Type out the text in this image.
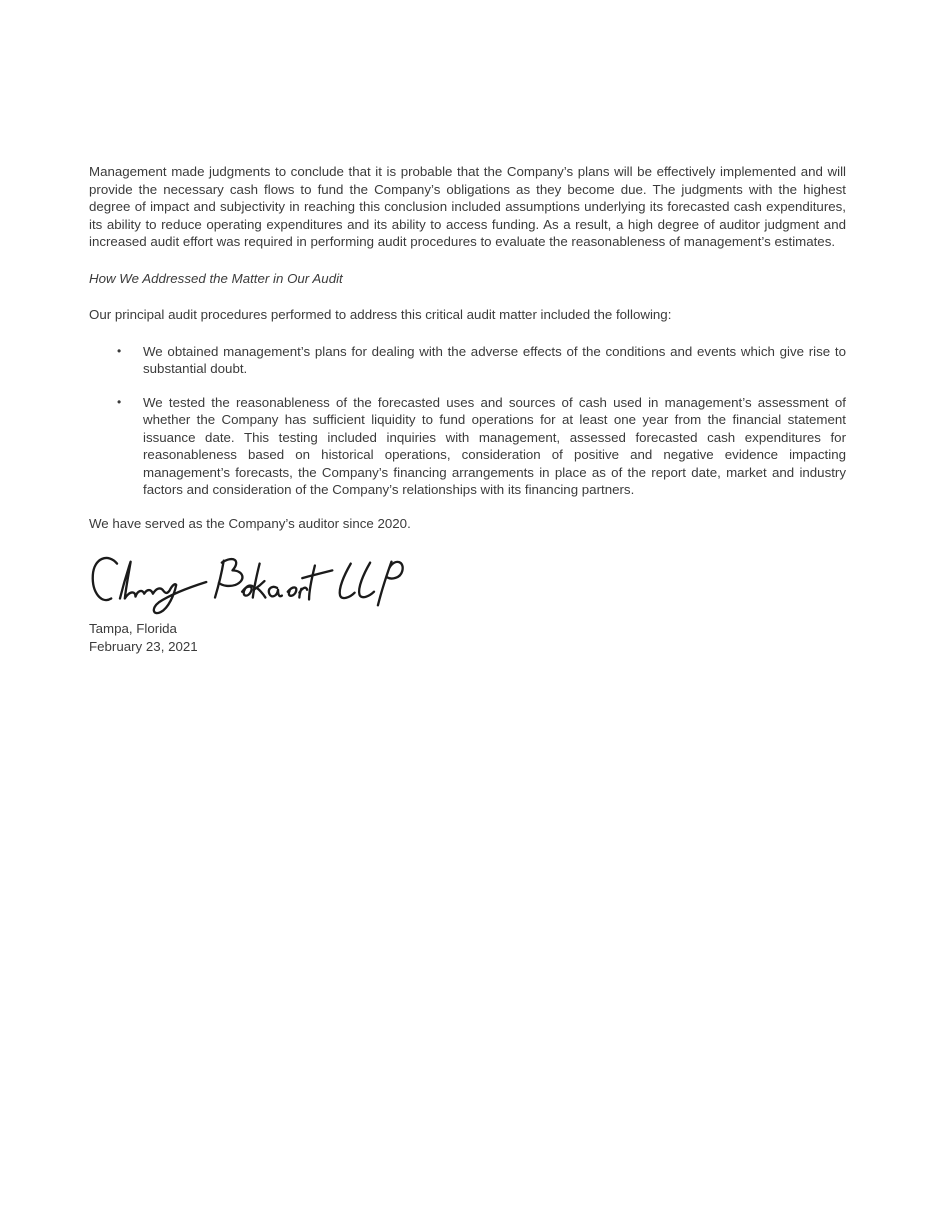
Management made judgments to conclude that it is probable that the Company’s plans will be effectively implemented and will provide the necessary cash flows to fund the Company’s obligations as they become due. The judgments with the highest degree of impact and subjectivity in reaching this conclusion included assumptions underlying its forecasted cash expenditures, its ability to reduce operating expenditures and its ability to access funding. As a result, a high degree of auditor judgment and increased audit effort was required in performing audit procedures to evaluate the reasonableness of management’s estimates.

How We Addressed the Matter in Our Audit

Our principal audit procedures performed to address this critical audit matter included the following:

•	We obtained management’s plans for dealing with the adverse effects of the conditions and events which give rise to substantial doubt.
•	We tested the reasonableness of the forecasted uses and sources of cash used in management’s assessment of whether the Company has sufficient liquidity to fund operations for at least one year from the financial statement issuance date. This testing included inquiries with management, assessed forecasted cash expenditures for reasonableness based on historical operations, consideration of positive and negative evidence impacting management’s forecasts, the Company’s financing arrangements in place as of the report date, market and industry factors and consideration of the Company’s relationships with its financing partners.

We have served as the Company’s auditor since 2020.

Tampa, Florida

February 23, 2021
